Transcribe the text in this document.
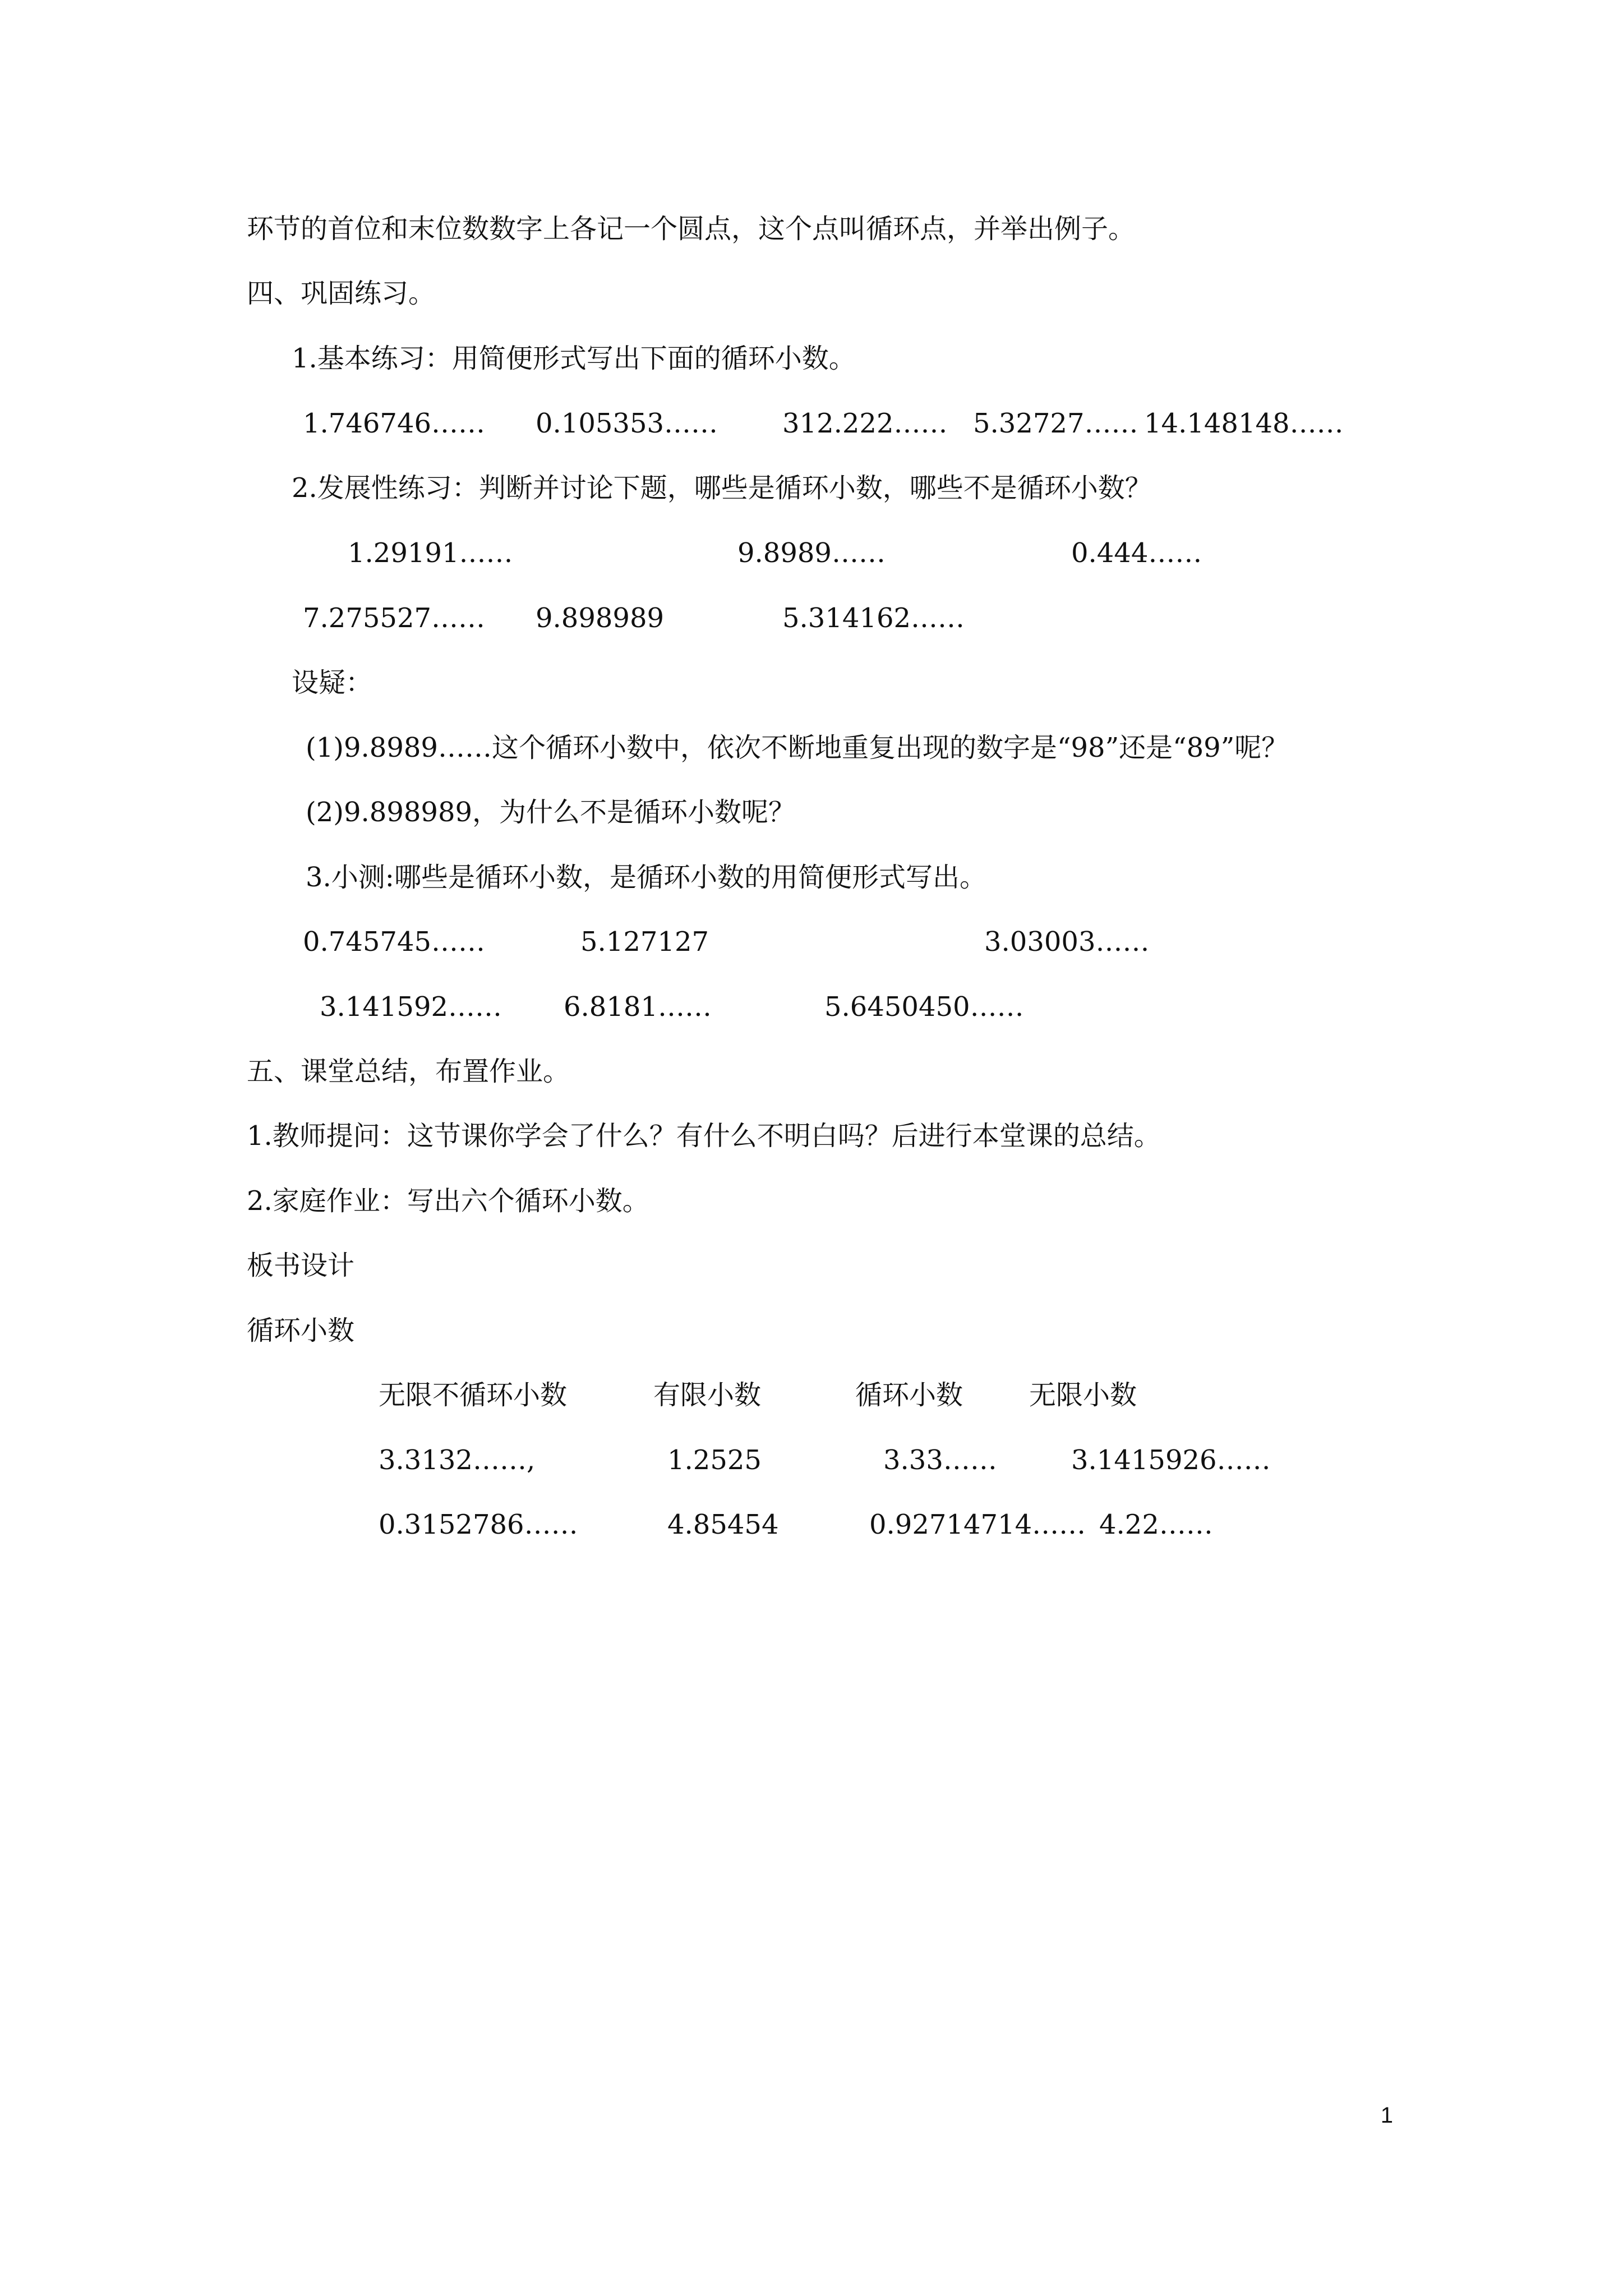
环节的首位和末位数数字上各记一个圆点，这个点叫循环点，并举出例子。
四、巩固练习。
1.基本练习：用简便形式写出下面的循环小数。
1.746746…… 0.105353…… 312.222…… 5.32727…… 14.148148……
2.发展性练习：判断并讨论下题，哪些是循环小数，哪些不是循环小数？
1.29191……	9.8989……	0.444……
7.275527…… 9.898989	5.314162……
设疑：
(1)9.8989……这个循环小数中，依次不断地重复出现的数字是“98”还是“89”呢？
(2)9.898989，为什么不是循环小数呢？
3.小测:哪些是循环小数，是循环小数的用简便形式写出。
0.745745……	5.127127	3.03003……
3.141592…… 6.8181……	5.6450450……
五、课堂总结，布置作业。
1.教师提问：这节课你学会了什么？有什么不明白吗？后进行本堂课的总结。
2.家庭作业：写出六个循环小数。
板书设计
循环小数
无限不循环小数	有限小数	循环小数 无限小数
3.3132……,	1.2525	3.33……	3.1415926……
0.3152786……	4.85454	0.92714714…… 4.22……
1
